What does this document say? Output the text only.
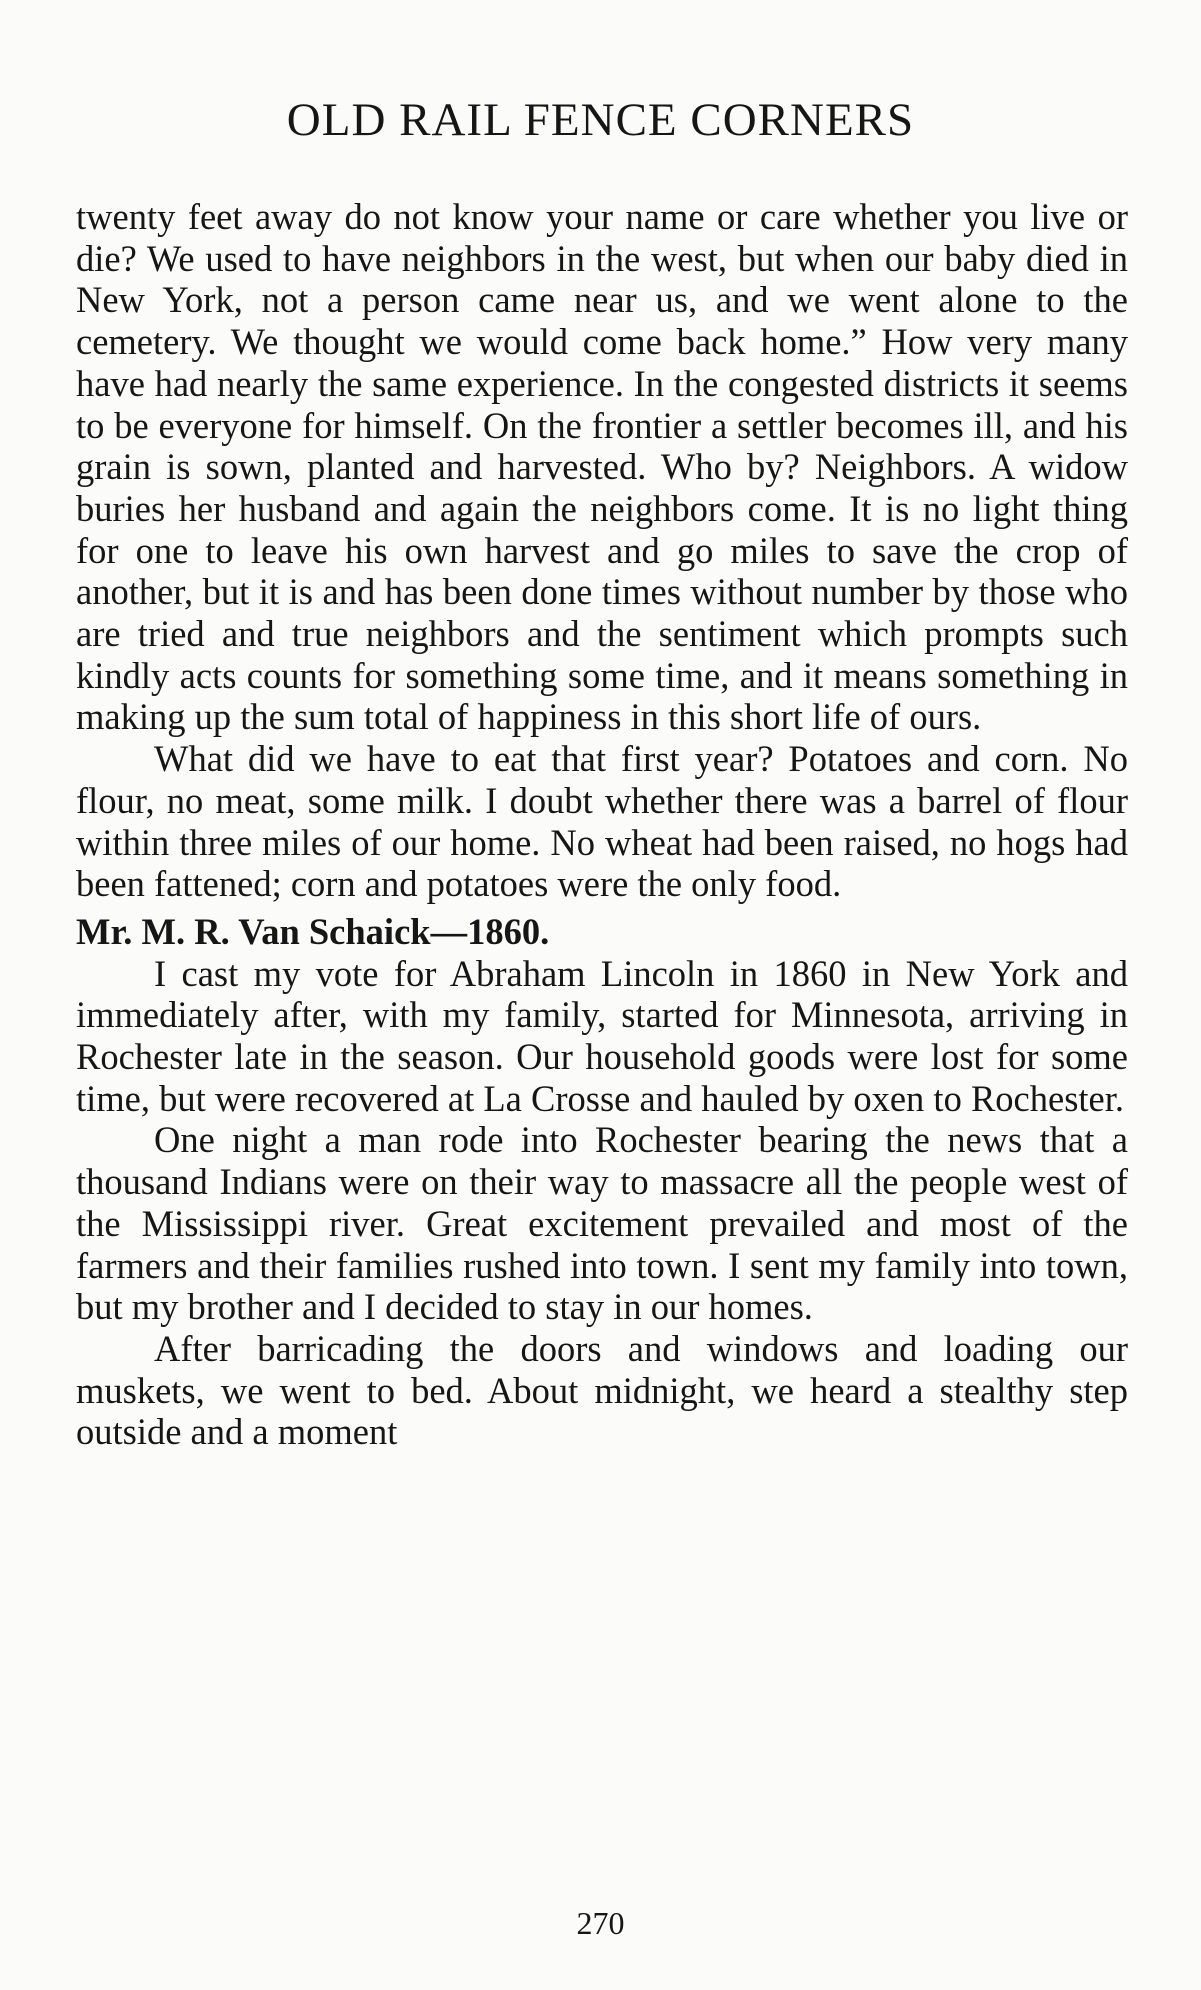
OLD RAIL FENCE CORNERS

twenty feet away do not know your name or care whether you live or die? We used to have neighbors in the west, but when our baby died in New York, not a person came near us, and we went alone to the cemetery. We thought we would come back home.” How very many have had nearly the same experience. In the congested districts it seems to be everyone for himself. On the frontier a settler becomes ill, and his grain is sown, planted and harvested. Who by? Neighbors. A widow buries her husband and again the neighbors come. It is no light thing for one to leave his own harvest and go miles to save the crop of another, but it is and has been done times without number by those who are tried and true neighbors and the sentiment which prompts such kindly acts counts for something some time, and it means something in making up the sum total of happiness in this short life of ours.

What did we have to eat that first year? Potatoes and corn. No flour, no meat, some milk. I doubt whether there was a barrel of flour within three miles of our home. No wheat had been raised, no hogs had been fattened; corn and potatoes were the only food.

Mr. M. R. Van Schaick—1860.

I cast my vote for Abraham Lincoln in 1860 in New York and immediately after, with my family, started for Minnesota, arriving in Rochester late in the season. Our household goods were lost for some time, but were recovered at La Crosse and hauled by oxen to Rochester.

One night a man rode into Rochester bearing the news that a thousand Indians were on their way to massacre all the people west of the Mississippi river. Great excitement prevailed and most of the farmers and their families rushed into town. I sent my family into town, but my brother and I decided to stay in our homes.

After barricading the doors and windows and loading our muskets, we went to bed. About midnight, we heard a stealthy step outside and a moment

270
